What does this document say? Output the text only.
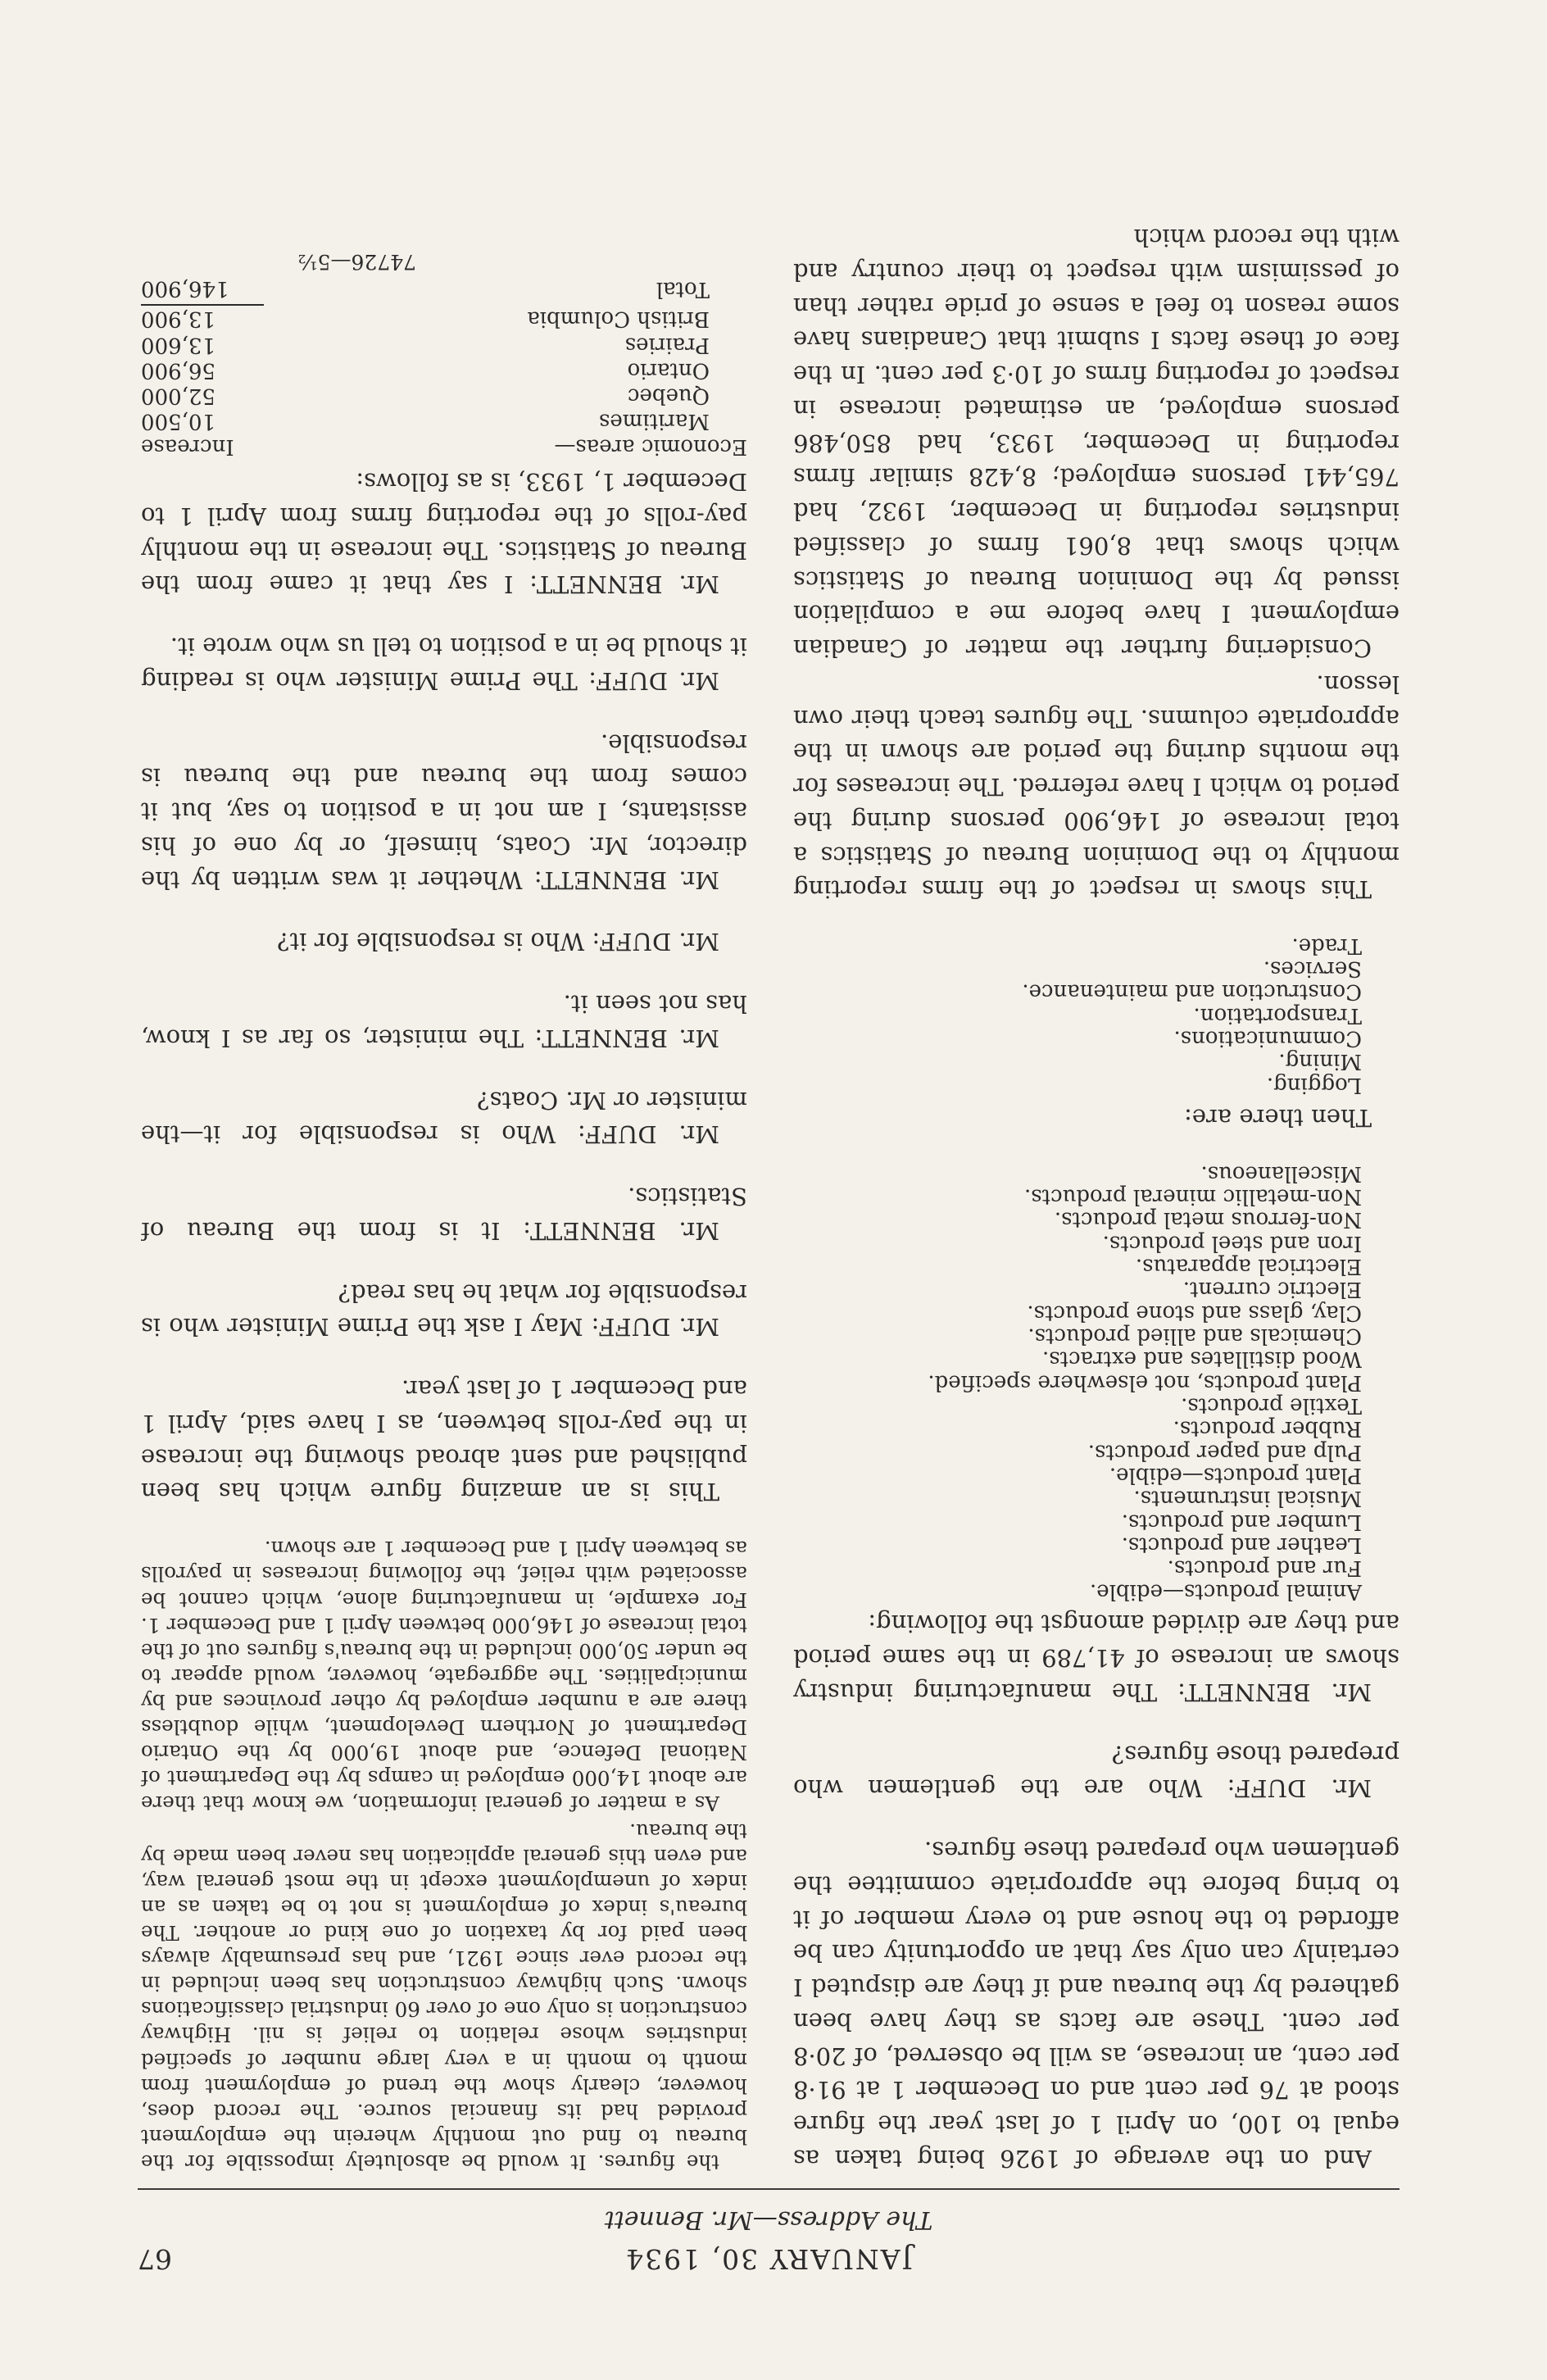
JANUARY 30, 1934
67
The Address—Mr. Bennett

And on the average of 1926 being taken as equal to 100, on April 1 of last year the figure stood at 76 per cent and on December 1 at 91·8 per cent, an increase, as will be observed, of 20·8 per cent. These are facts as they have been gathered by the bureau and if they are disputed I certainly can only say that an opportunity can be afforded to the house and to every member of it to bring before the appropriate committee the gentlemen who prepared these figures.

Mr. DUFF: Who are the gentlemen who prepared those figures?

Mr. BENNETT: The manufacturing industry shows an increase of 41,789 in the same period and they are divided amongst the following:

Animal products—edible.
Fur and products.
Leather and products.
Lumber and products.
Musical instruments.
Plant products—edible.
Pulp and paper products.
Rubber products.
Textile products.
Plant products, not elsewhere specified.
Wood distillates and extracts.
Chemicals and allied products.
Clay, glass and stone products.
Electric current.
Electrical apparatus.
Iron and steel products.
Non-ferrous metal products.
Non-metallic mineral products.
Miscellaneous.

Then there are:

Logging.
Mining.
Communications.
Transportation.
Construction and maintenance.
Services.
Trade.

This shows in respect of the firms reporting monthly to the Dominion Bureau of Statistics a total increase of 146,900 persons during the period to which I have referred. The increases for the months during the period are shown in the appropriate columns. The figures teach their own lesson.

Considering further the matter of Canadian employment I have before me a compilation issued by the Dominion Bureau of Statistics which shows that 8,061 firms of classified industries reporting in December, 1932, had 765,441 persons employed; 8,428 similar firms reporting in December, 1933, had 850,486 persons employed, an estimated increase in respect of reporting firms of 10·3 per cent. In the face of these facts I submit that Canadians have some reason to feel a sense of pride rather than of pessimism with respect to their country and with the record which

the figures. It would be absolutely impossible for the bureau to find out monthly wherein the employment provided had its financial source. The record does, however, clearly show the trend of employment from month to month in a very large number of specified industries whose relation to relief is nil. Highway construction is only one of over 60 industrial classifications shown. Such highway construction has been included in the record ever since 1921, and has presumably always been paid for by taxation of one kind or another. The bureau's index of employment is not to be taken as an index of unemployment except in the most general way, and even this general application has never been made by the bureau.

As a matter of general information, we know that there are about 14,000 employed in camps by the Department of National Defence, and about 19,000 by the Ontario Department of Northern Development, while doubtless there are a number employed by other provinces and by municipalities. The aggregate, however, would appear to be under 50,000 included in the bureau's figures out of the total increase of 146,000 between April 1 and December 1. For example, in manufacturing alone, which cannot be associated with relief, the following increases in payrolls as between April 1 and December 1 are shown.

This is an amazing figure which has been published and sent abroad showing the increase in the pay-rolls between, as I have said, April 1 and December 1 of last year.

Mr. DUFF: May I ask the Prime Minister who is responsible for what he has read?

Mr. BENNETT: It is from the Bureau of Statistics.

Mr. DUFF: Who is responsible for it—the minister or Mr. Coats?

Mr. BENNETT: The minister, so far as I know, has not seen it.

Mr. DUFF: Who is responsible for it?

Mr. BENNETT: Whether it was written by the director, Mr. Coats, himself, or by one of his assistants, I am not in a position to say, but it comes from the bureau and the bureau is responsible.

Mr. DUFF: The Prime Minister who is reading it should be in a position to tell us who wrote it.

Mr. BENNETT: I say that it came from the Bureau of Statistics. The increase in the monthly pay-rolls of the reporting firms from April 1 to December 1, 1933, is as follows:

Economic areas—	Increase
Maritimes	10,500
Quebec	52,000
Ontario	56,900
Prairies	13,600
British Columbia	13,900
Total	146,900
74726—5½
